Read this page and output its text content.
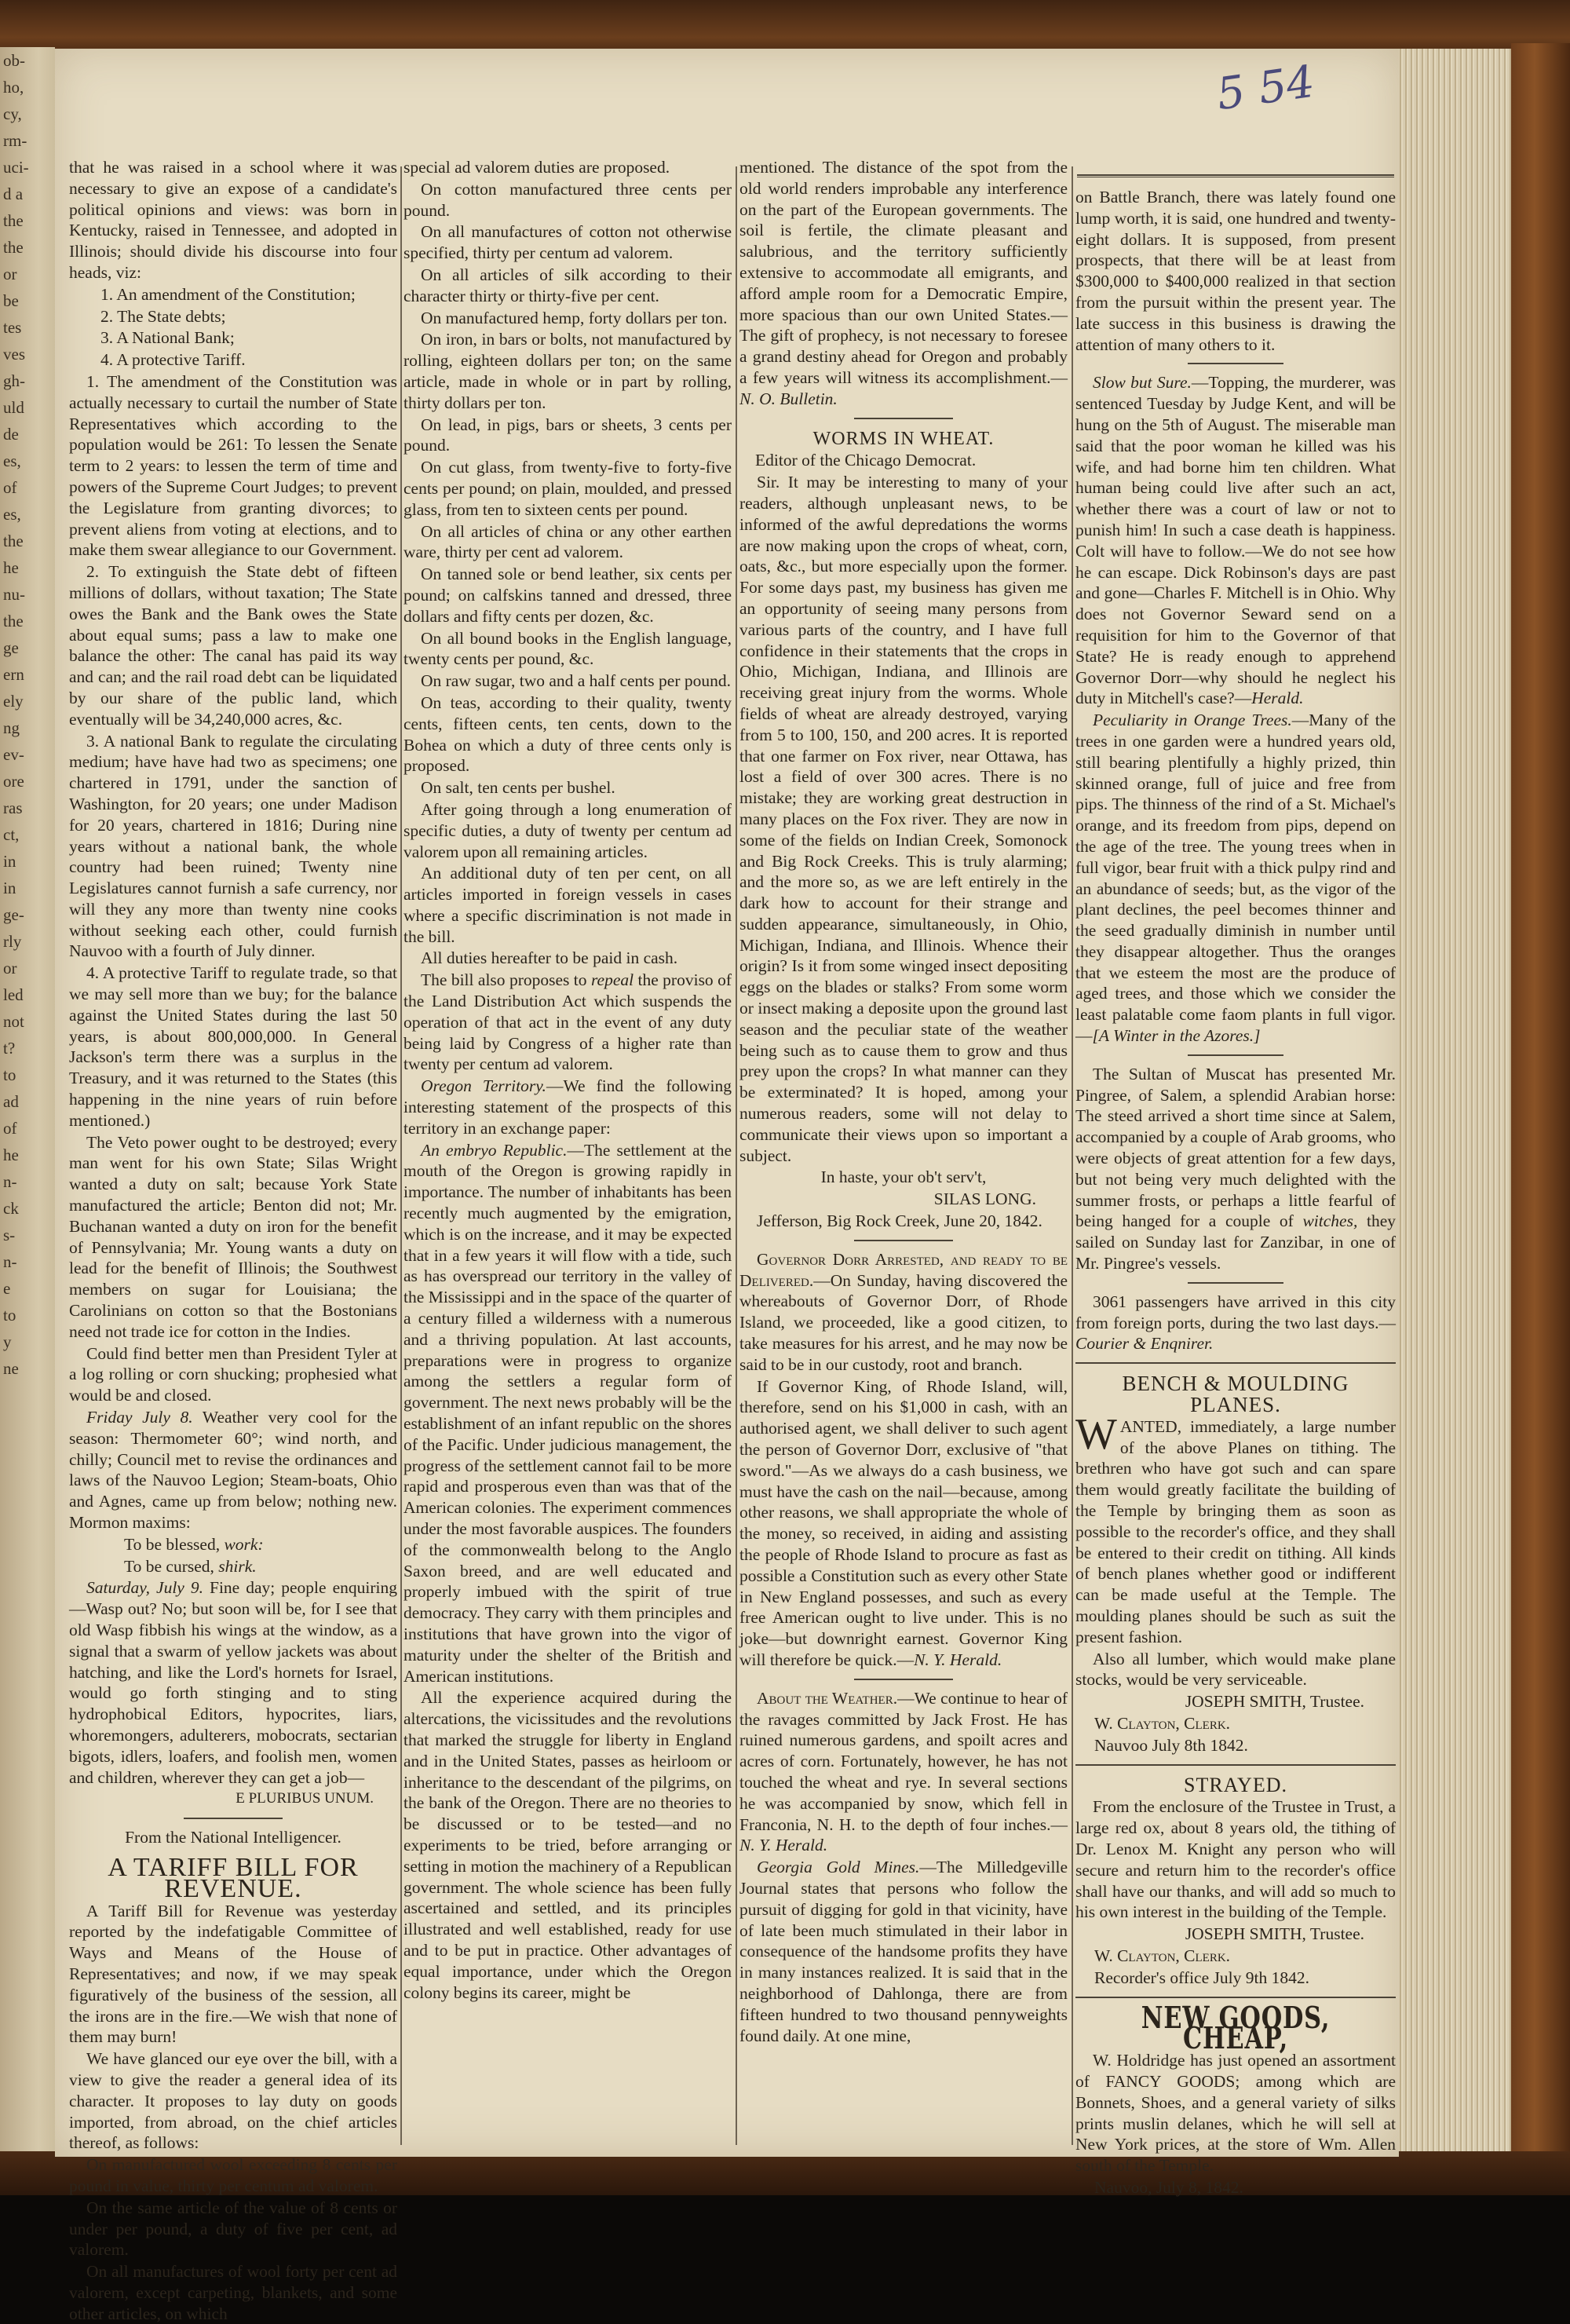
ob-
ho,
cy,
rm-
uci-
d a
the
the
or
be
tes
ves
gh-
uld
de
es,
of
es,
the
he
nu-
the
ge
ern
ely
ng
ev-
ore
ras
ct,
in
in
ge-
rly
or
led
not
t?
to
ad
of
he
n-
ck
s-
n-
e
to
y
ne
5 54

that he was raised in a school where it was necessary to give an expose of a candidate's political opinions and views: was born in Kentucky, raised in Tennessee, and adopted in Illinois; should divide his discourse into four heads, viz:

1. An amendment of the Constitution;

2. The State debts;

3. A National Bank;

4. A protective Tariff.

1. The amendment of the Constitution was actually necessary to curtail the number of State Representatives which according to the population would be 261: To lessen the Senate term to 2 years: to lessen the term of time and powers of the Supreme Court Judges; to prevent the Legislature from granting divorces; to prevent aliens from voting at elections, and to make them swear allegiance to our Government.

2. To extinguish the State debt of fifteen millions of dollars, without taxation; The State owes the Bank and the Bank owes the State about equal sums; pass a law to make one balance the other: The canal has paid its way and can; and the rail road debt can be liquidated by our share of the public land, which eventually will be 34,240,000 acres, &c.

3. A national Bank to regulate the circulating medium; have have had two as specimens; one chartered in 1791, under the sanction of Washington, for 20 years; one under Madison for 20 years, chartered in 1816; During nine years without a national bank, the whole country had been ruined; Twenty nine Legislatures cannot furnish a safe currency, nor will they any more than twenty nine cooks without seeking each other, could furnish Nauvoo with a fourth of July dinner.

4. A protective Tariff to regulate trade, so that we may sell more than we buy; for the balance against the United States during the last 50 years, is about 800,000,000. In General Jackson's term there was a surplus in the Treasury, and it was returned to the States (this happening in the nine years of ruin before mentioned.)

The Veto power ought to be destroyed; every man went for his own State; Silas Wright wanted a duty on salt; because York State manufactured the article; Benton did not; Mr. Buchanan wanted a duty on iron for the benefit of Pennsylvania; Mr. Young wants a duty on lead for the benefit of Illinois; the Southwest members on sugar for Louisiana; the Carolinians on cotton so that the Bostonians need not trade ice for cotton in the Indies.

Could find better men than President Tyler at a log rolling or corn shucking; prophesied what would be and closed.

Friday July 8. Weather very cool for the season: Thermometer 60°; wind north, and chilly; Council met to revise the ordinances and laws of the Nauvoo Legion; Steam-boats, Ohio and Agnes, came up from below; nothing new. Mormon maxims:

To be blessed, work:

To be cursed, shirk.

Saturday, July 9. Fine day; people enquiring—Wasp out? No; but soon will be, for I see that old Wasp fibbish his wings at the window, as a signal that a swarm of yellow jackets was about hatching, and like the Lord's hornets for Israel, would go forth stinging and to sting hydrophobical Editors, hypocrites, liars, whoremongers, adulterers, mobocrats, sectarian bigots, idlers, loafers, and foolish men, women and children, wherever they can get a job—

E PLURIBUS UNUM.

From the National Intelligencer.

A TARIFF BILL FOR REVENUE.

A Tariff Bill for Revenue was yesterday reported by the indefatigable Committee of Ways and Means of the House of Representatives; and now, if we may speak figuratively of the business of the session, all the irons are in the fire.—We wish that none of them may burn!

We have glanced our eye over the bill, with a view to give the reader a general idea of its character. It proposes to lay duty on goods imported, from abroad, on the chief articles thereof, as follows:

On manufactured wool exceeding 8 cents per pound in value, thirty per centum ad valorem.

On the same article of the value of 8 cents or under per pound, a duty of five per cent, ad valorem.

On all manufactures of wool forty per cent ad valorem, except carpeting, blankets, and some other articles, on which

special ad valorem duties are proposed.

On cotton manufactured three cents per pound.

On all manufactures of cotton not otherwise specified, thirty per centum ad valorem.

On all articles of silk according to their character thirty or thirty-five per cent.

On manufactured hemp, forty dollars per ton.

On iron, in bars or bolts, not manufactured by rolling, eighteen dollars per ton; on the same article, made in whole or in part by rolling, thirty dollars per ton.

On lead, in pigs, bars or sheets, 3 cents per pound.

On cut glass, from twenty-five to forty-five cents per pound; on plain, moulded, and pressed glass, from ten to sixteen cents per pound.

On all articles of china or any other earthen ware, thirty per cent ad valorem.

On tanned sole or bend leather, six cents per pound; on calfskins tanned and dressed, three dollars and fifty cents per dozen, &c.

On all bound books in the English language, twenty cents per pound, &c.

On raw sugar, two and a half cents per pound.

On teas, according to their quality, twenty cents, fifteen cents, ten cents, down to the Bohea on which a duty of three cents only is proposed.

On salt, ten cents per bushel.

After going through a long enumeration of specific duties, a duty of twenty per centum ad valorem upon all remaining articles.

An additional duty of ten per cent, on all articles imported in foreign vessels in cases where a specific discrimination is not made in the bill.

All duties hereafter to be paid in cash.

The bill also proposes to repeal the proviso of the Land Distribution Act which suspends the operation of that act in the event of any duty being laid by Congress of a higher rate than twenty per centum ad valorem.

Oregon Territory.—We find the following interesting statement of the prospects of this territory in an exchange paper:

An embryo Republic.—The settlement at the mouth of the Oregon is growing rapidly in importance. The number of inhabitants has been recently much augmented by the emigration, which is on the increase, and it may be expected that in a few years it will flow with a tide, such as has overspread our territory in the valley of the Mississippi and in the space of the quarter of a century filled a wilderness with a numerous and a thriving population. At last accounts, preparations were in progress to organize among the settlers a regular form of government. The next news probably will be the establishment of an infant republic on the shores of the Pacific. Under judicious management, the progress of the settlement cannot fail to be more rapid and prosperous even than was that of the American colonies. The experiment commences under the most favorable auspices. The founders of the commonwealth belong to the Anglo Saxon breed, and are well educated and properly imbued with the spirit of true democracy. They carry with them principles and institutions that have grown into the vigor of maturity under the shelter of the British and American institutions.

All the experience acquired during the altercations, the vicissitudes and the revolutions that marked the struggle for liberty in England and in the United States, passes as heirloom or inheritance to the descendant of the pilgrims, on the bank of the Oregon. There are no theories to be discussed or to be tested—and no experiments to be tried, before arranging or setting in motion the machinery of a Republican government. The whole science has been fully ascertained and settled, and its principles illustrated and well established, ready for use and to be put in practice. Other advantages of equal importance, under which the Oregon colony begins its career, might be

mentioned. The distance of the spot from the old world renders improbable any interference on the part of the European governments. The soil is fertile, the climate pleasant and salubrious, and the territory sufficiently extensive to accommodate all emigrants, and afford ample room for a Democratic Empire, more spacious than our own United States.—The gift of prophecy, is not necessary to foresee a grand destiny ahead for Oregon and probably a few years will witness its accomplishment.—N. O. Bulletin.

WORMS IN WHEAT.

Editor of the Chicago Democrat.

Sir. It may be interesting to many of your readers, although unpleasant news, to be informed of the awful depredations the worms are now making upon the crops of wheat, corn, oats, &c., but more especially upon the former. For some days past, my business has given me an opportunity of seeing many persons from various parts of the country, and I have full confidence in their statements that the crops in Ohio, Michigan, Indiana, and Illinois are receiving great injury from the worms. Whole fields of wheat are already destroyed, varying from 5 to 100, 150, and 200 acres. It is reported that one farmer on Fox river, near Ottawa, has lost a field of over 300 acres. There is no mistake; they are working great destruction in many places on the Fox river. They are now in some of the fields on Indian Creek, Somonock and Big Rock Creeks. This is truly alarming; and the more so, as we are left entirely in the dark how to account for their strange and sudden appearance, simultaneously, in Ohio, Michigan, Indiana, and Illinois. Whence their origin? Is it from some winged insect depositing eggs on the blades or stalks? From some worm or insect making a deposite upon the ground last season and the peculiar state of the weather being such as to cause them to grow and thus prey upon the crops? In what manner can they be exterminated? It is hoped, among your numerous readers, some will not delay to communicate their views upon so important a subject.

In haste, your ob't serv't,

SILAS LONG.

Jefferson, Big Rock Creek, June 20, 1842.

Governor Dorr Arrested, and ready to be Delivered.—On Sunday, having discovered the whereabouts of Governor Dorr, of Rhode Island, we proceeded, like a good citizen, to take measures for his arrest, and he may now be said to be in our custody, root and branch.

If Governor King, of Rhode Island, will, therefore, send on his $1,000 in cash, with an authorised agent, we shall deliver to such agent the person of Governor Dorr, exclusive of "that sword."—As we always do a cash business, we must have the cash on the nail—because, among other reasons, we shall appropriate the whole of the money, so received, in aiding and assisting the people of Rhode Island to procure as fast as possible a Constitution such as every other State in New England possesses, and such as every free American ought to live under. This is no joke—but downright earnest. Governor King will therefore be quick.—N. Y. Herald.

About the Weather.—We continue to hear of the ravages committed by Jack Frost. He has ruined numerous gardens, and spoilt acres and acres of corn. Fortunately, however, he has not touched the wheat and rye. In several sections he was accompanied by snow, which fell in Franconia, N. H. to the depth of four inches.—N. Y. Herald.

Georgia Gold Mines.—The Milledgeville Journal states that persons who follow the pursuit of digging for gold in that vicinity, have of late been much stimulated in their labor in consequence of the handsome profits they have in many instances realized. It is said that in the neighborhood of Dahlonga, there are from fifteen hundred to two thousand pennyweights found daily. At one mine,

on Battle Branch, there was lately found one lump worth, it is said, one hundred and twenty-eight dollars. It is supposed, from present prospects, that there will be at least from $300,000 to $400,000 realized in that section from the pursuit within the present year. The late success in this business is drawing the attention of many others to it.

Slow but Sure.—Topping, the murderer, was sentenced Tuesday by Judge Kent, and will be hung on the 5th of August. The miserable man said that the poor woman he killed was his wife, and had borne him ten children. What human being could live after such an act, whether there was a court of law or not to punish him! In such a case death is happiness. Colt will have to follow.—We do not see how he can escape. Dick Robinson's days are past and gone—Charles F. Mitchell is in Ohio. Why does not Governor Seward send on a requisition for him to the Governor of that State? He is ready enough to apprehend Governor Dorr—why should he neglect his duty in Mitchell's case?—Herald.

Peculiarity in Orange Trees.—Many of the trees in one garden were a hundred years old, still bearing plentifully a highly prized, thin skinned orange, full of juice and free from pips. The thinness of the rind of a St. Michael's orange, and its freedom from pips, depend on the age of the tree. The young trees when in full vigor, bear fruit with a thick pulpy rind and an abundance of seeds; but, as the vigor of the plant declines, the peel becomes thinner and the seed gradually diminish in number until they disappear altogether. Thus the oranges that we esteem the most are the produce of aged trees, and those which we consider the least palatable come faom plants in full vigor.—[A Winter in the Azores.]

The Sultan of Muscat has presented Mr. Pingree, of Salem, a splendid Arabian horse: The steed arrived a short time since at Salem, accompanied by a couple of Arab grooms, who were objects of great attention for a few days, but not being very much delighted with the summer frosts, or perhaps a little fearful of being hanged for a couple of witches, they sailed on Sunday last for Zanzibar, in one of Mr. Pingree's vessels.

3061 passengers have arrived in this city from foreign ports, during the two last days.—Courier & Enqnirer.

BENCH & MOULDING PLANES.

WANTED, immediately, a large number of the above Planes on tithing. The brethren who have got such and can spare them would greatly facilitate the building of the Temple by bringing them as soon as possible to the recorder's office, and they shall be entered to their credit on tithing. All kinds of bench planes whether good or indifferent can be made useful at the Temple. The moulding planes should be such as suit the present fashion.

Also all lumber, which would make plane stocks, would be very serviceable.

JOSEPH SMITH, Trustee.

W. Clayton, Clerk.

Nauvoo July 8th 1842.

STRAYED.

From the enclosure of the Trustee in Trust, a large red ox, about 8 years old, the tithing of Dr. Lenox M. Knight any person who will secure and return him to the recorder's office shall have our thanks, and will add so much to his own interest in the building of the Temple.

JOSEPH SMITH, Trustee.

W. Clayton, Clerk.

Recorder's office July 9th 1842.

NEW GOODS, CHEAP,

W. Holdridge has just opened an assortment of FANCY GOODS; among which are Bonnets, Shoes, and a general variety of silks prints muslin delanes, which he will sell at New York prices, at the store of Wm. Allen south of the Temple.

Nauvoo, July 8, 1842.
